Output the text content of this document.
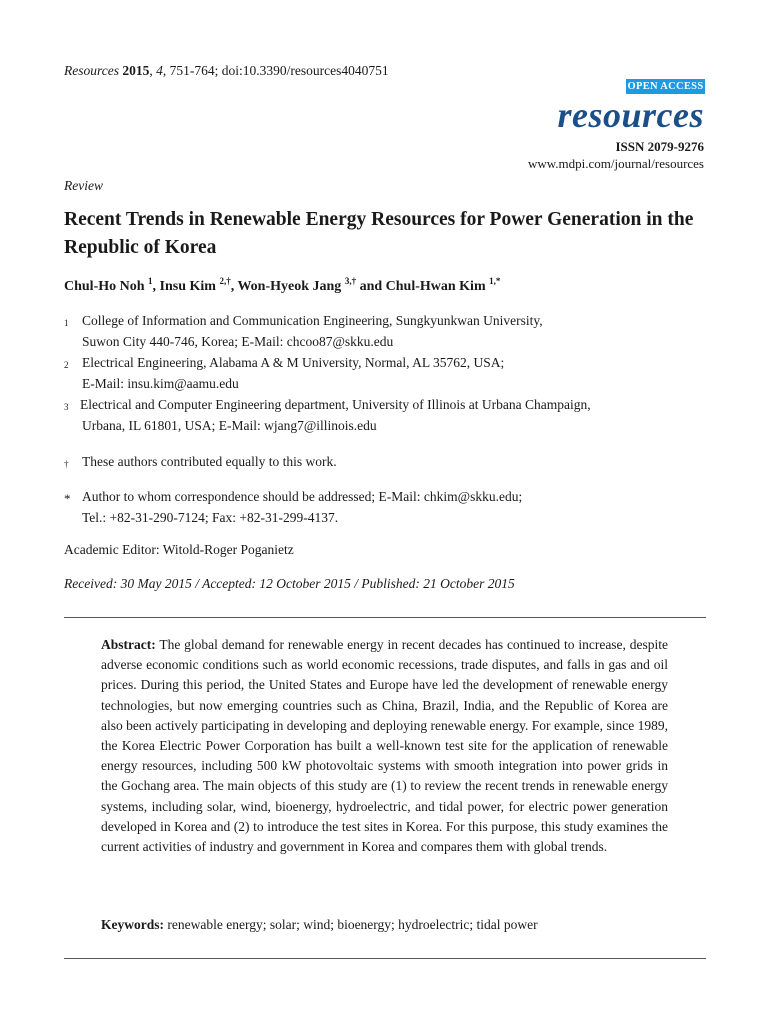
Resources 2015, 4, 751-764; doi:10.3390/resources4040751
OPEN ACCESS
resources
ISSN 2079-9276
www.mdpi.com/journal/resources
Review
Recent Trends in Renewable Energy Resources for Power Generation in the Republic of Korea
Chul-Ho Noh $^1$, Insu Kim $^{2,\dagger}$, Won-Hyeok Jang $^{3,\dagger}$ and Chul-Hwan Kim $^{1,*}$
1 College of Information and Communication Engineering, Sungkyunkwan University,
Suwon City 440-746, Korea; E-Mail: chcoo87@skku.edu
2 Electrical Engineering, Alabama A & M University, Normal, AL 35762, USA;
E-Mail: insu.kim@aamu.edu
3 Electrical and Computer Engineering department, University of Illinois at Urbana Champaign,
Urbana, IL 61801, USA; E-Mail: wjang7@illinois.edu
† These authors contributed equally to this work.
* Author to whom correspondence should be addressed; E-Mail: chkim@skku.edu;
Tel.: +82-31-290-7124; Fax: +82-31-299-4137.
Academic Editor: Witold-Roger Poganietz
Received: 30 May 2015 / Accepted: 12 October 2015 / Published: 21 October 2015
Abstract: The global demand for renewable energy in recent decades has continued to increase, despite adverse economic conditions such as world economic recessions, trade disputes, and falls in gas and oil prices. During this period, the United States and Europe have led the development of renewable energy technologies, but now emerging countries such as China, Brazil, India, and the Republic of Korea are also been actively participating in developing and deploying renewable energy. For example, since 1989, the Korea Electric Power Corporation has built a well-known test site for the application of renewable energy resources, including 500 kW photovoltaic systems with smooth integration into power grids in the Gochang area. The main objects of this study are (1) to review the recent trends in renewable energy systems, including solar, wind, bioenergy, hydroelectric, and tidal power, for electric power generation developed in Korea and (2) to introduce the test sites in Korea. For this purpose, this study examines the current activities of industry and government in Korea and compares them with global trends.
Keywords: renewable energy; solar; wind; bioenergy; hydroelectric; tidal power
